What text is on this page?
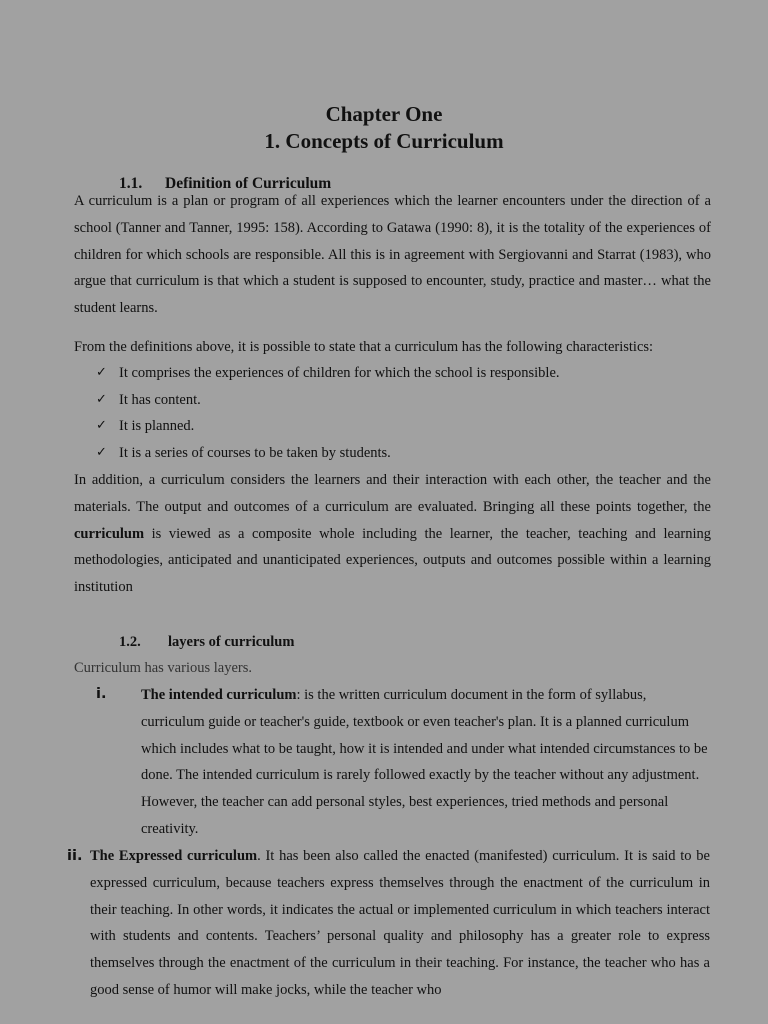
Chapter One
1. Concepts of Curriculum
1.1. Definition of Curriculum

A curriculum is a plan or program of all experiences which the learner encounters under the direction of a school (Tanner and Tanner, 1995: 158). According to Gatawa (1990: 8), it is the totality of the experiences of children for which schools are responsible. All this is in agreement with Sergiovanni and Starrat (1983), who argue that curriculum is that which a student is supposed to encounter, study, practice and master… what the student learns.

From the definitions above, it is possible to state that a curriculum has the following characteristics:

✓ It comprises the experiences of children for which the school is responsible.
✓ It has content.
✓ It is planned.
✓ It is a series of courses to be taken by students.

In addition, a curriculum considers the learners and their interaction with each other, the teacher and the materials. The output and outcomes of a curriculum are evaluated. Bringing all these points together, the curriculum is viewed as a composite whole including the learner, the teacher, teaching and learning methodologies, anticipated and unanticipated experiences, outputs and outcomes possible within a learning institution

1.2. layers of curriculum

Curriculum has various layers.

i. The intended curriculum: is the written curriculum document in the form of syllabus, curriculum guide or teacher's guide, textbook or even teacher's plan. It is a planned curriculum which includes what to be taught, how it is intended and under what intended circumstances to be done. The intended curriculum is rarely followed exactly by the teacher without any adjustment. However, the teacher can add personal styles, best experiences, tried methods and personal creativity.

ii. The Expressed curriculum. It has been also called the enacted (manifested) curriculum. It is said to be expressed curriculum, because teachers express themselves through the enactment of the curriculum in their teaching. In other words, it indicates the actual or implemented curriculum in which teachers interact with students and contents. Teachers’ personal quality and philosophy has a greater role to express themselves through the enactment of the curriculum in their teaching. For instance, the teacher who has a good sense of humor will make jocks, while the teacher who
